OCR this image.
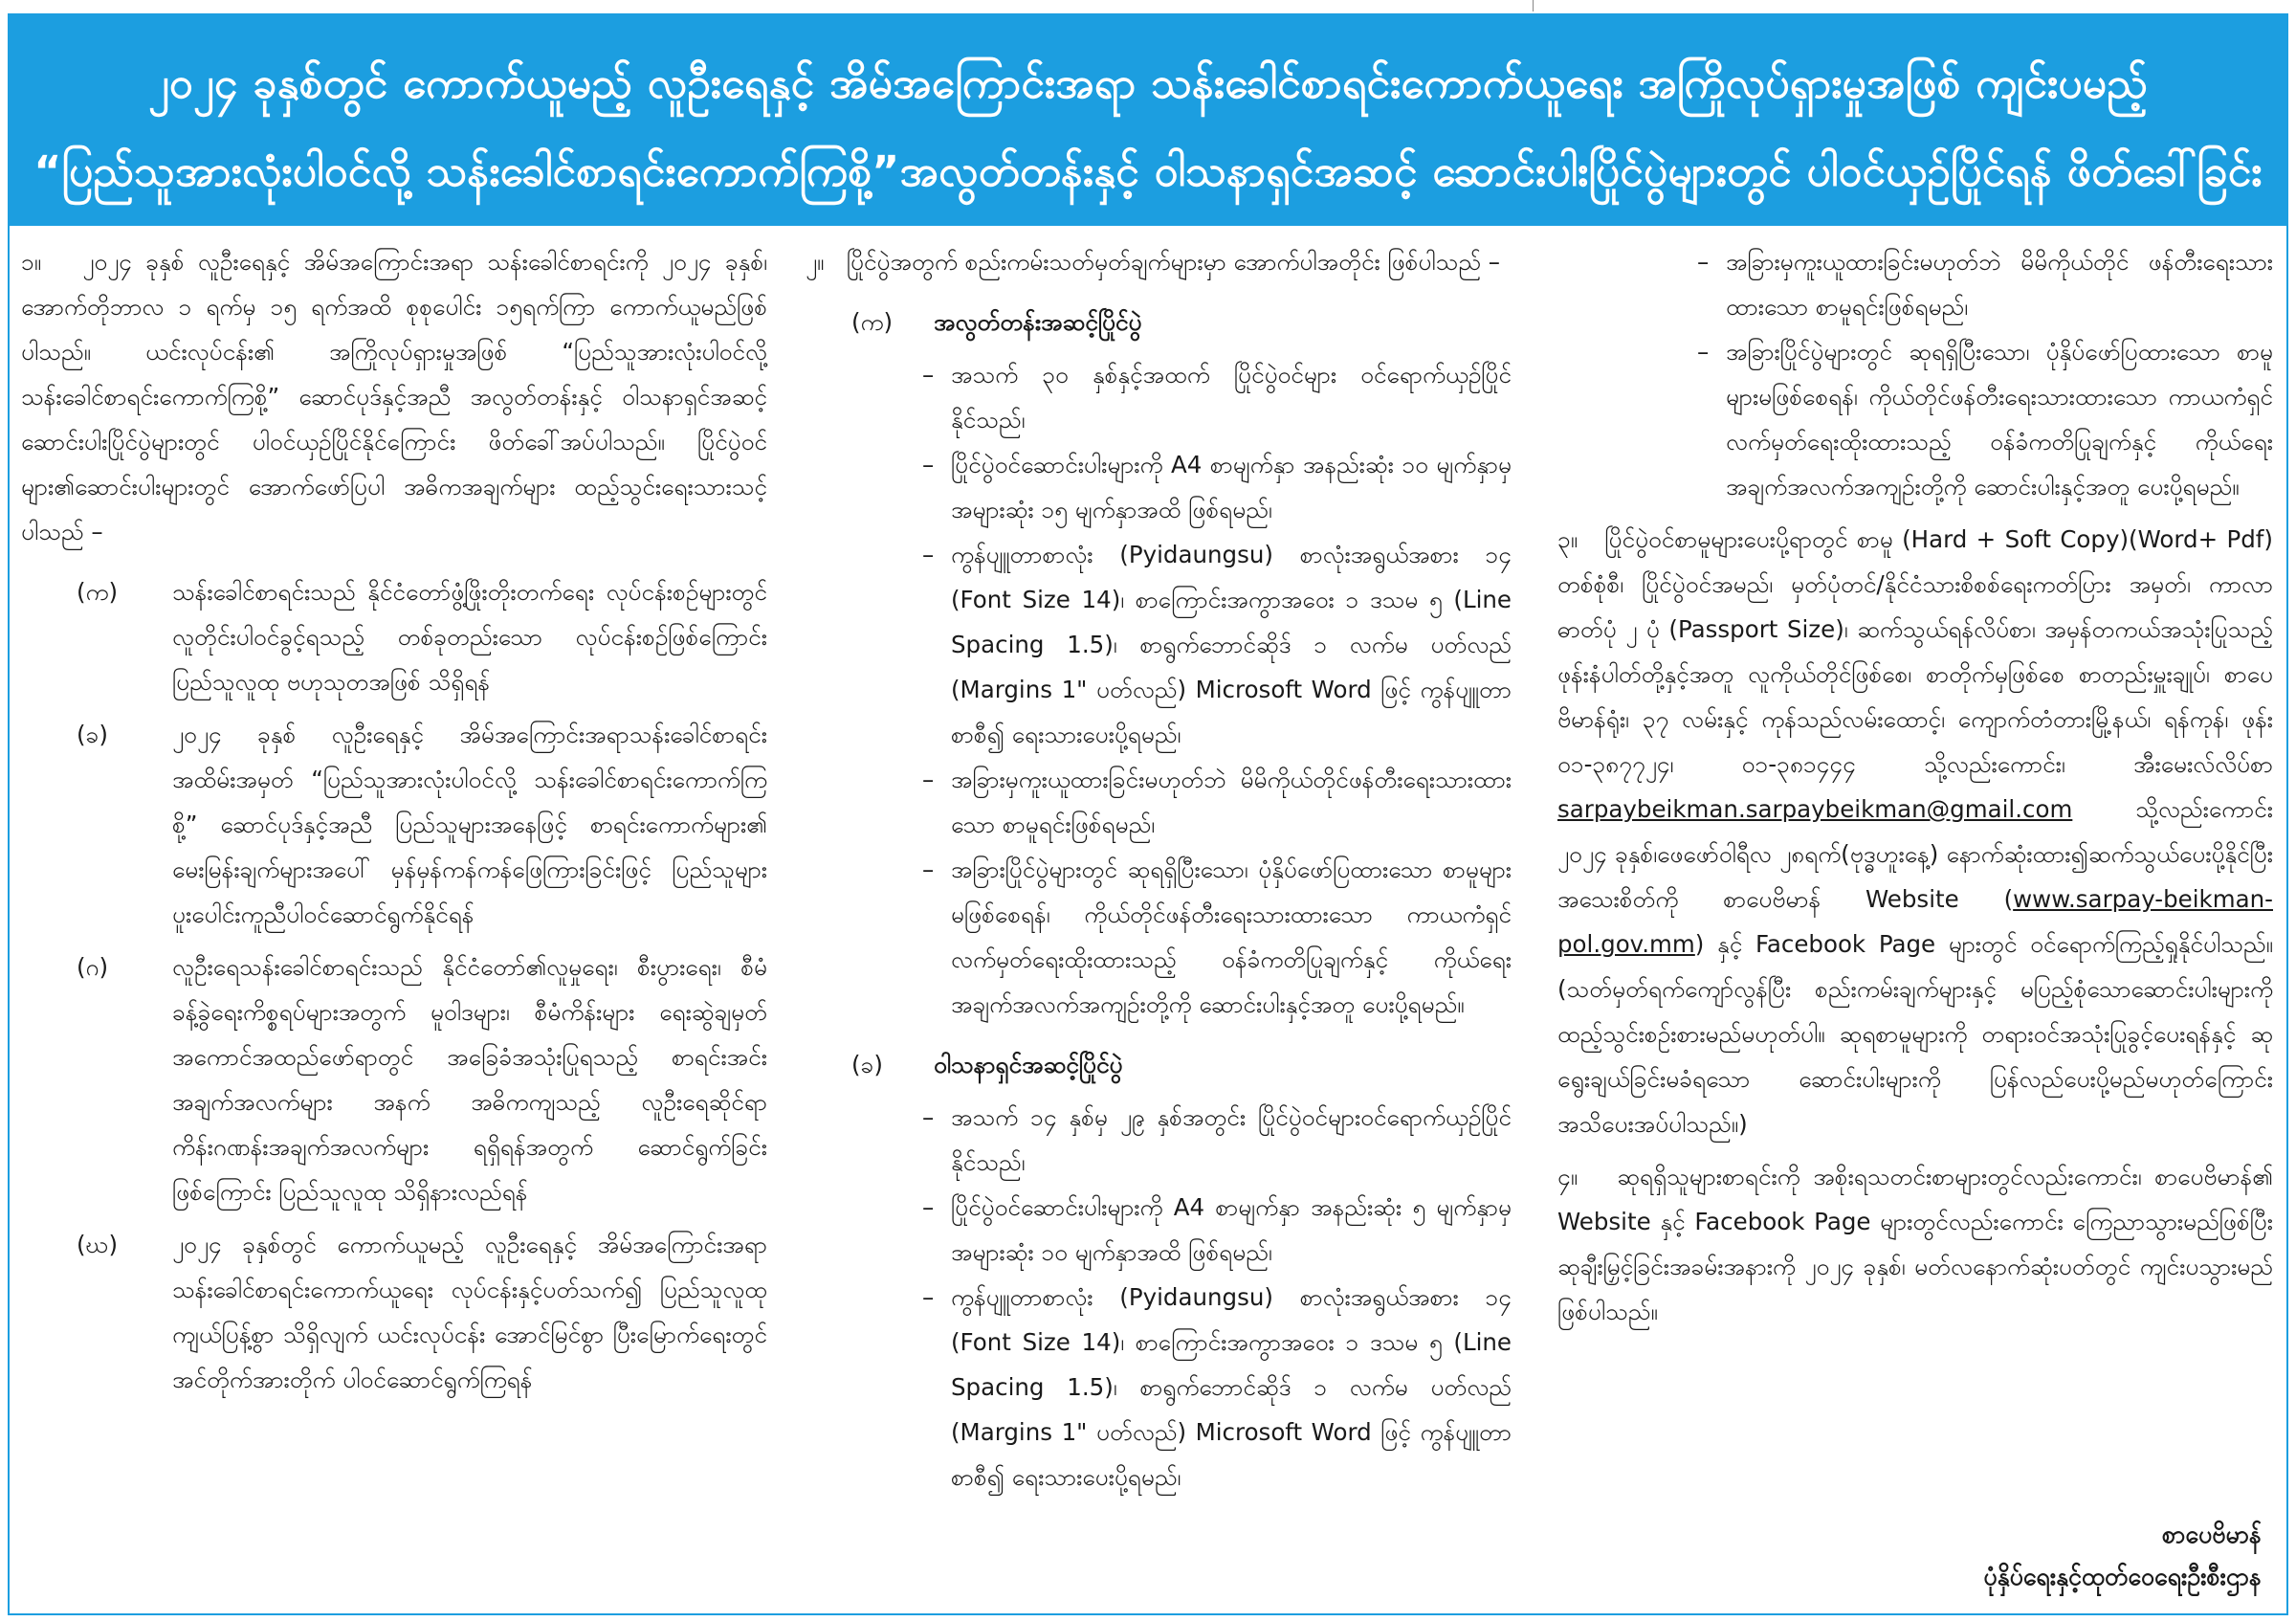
၂၀၂၄ ခုနှစ်တွင် ကောက်ယူမည့် လူဦးရေနှင့် အိမ်အကြောင်းအရာ သန်းခေါင်စာရင်းကောက်ယူရေး အကြိုလုပ်ရှားမှုအဖြစ် ကျင်းပမည့်
“ပြည်သူအားလုံးပါဝင်လို့ သန်းခေါင်စာရင်းကောက်ကြစို့”အလွတ်တန်းနှင့် ဝါသနာရှင်အဆင့် ဆောင်းပါးပြိုင်ပွဲများတွင် ပါဝင်ယှဉ်ပြိုင်ရန် ဖိတ်ခေါ်ခြင်း

၁။ ၂၀၂၄ ခုနှစ် လူဦးရေနှင့် အိမ်အကြောင်းအရာ သန်းခေါင်စာရင်းကို ၂၀၂၄ ခုနှစ်၊ အောက်တိုဘာလ ၁ ရက်မှ ၁၅ ရက်အထိ စုစုပေါင်း ၁၅ရက်ကြာ ကောက်ယူမည်ဖြစ်ပါသည်။ ယင်းလုပ်ငန်း၏ အကြိုလုပ်ရှားမှုအဖြစ် “ပြည်သူအားလုံးပါဝင်လို့ သန်းခေါင်စာရင်းကောက်ကြစို့” ဆောင်ပုဒ်နှင့်အညီ အလွတ်တန်းနှင့် ဝါသနာရှင်အဆင့် ဆောင်းပါးပြိုင်ပွဲများတွင် ပါဝင်ယှဉ်ပြိုင်နိုင်ကြောင်း ဖိတ်ခေါ်အပ်ပါသည်။ ပြိုင်ပွဲဝင်များ၏ဆောင်းပါးများတွင် အောက်ဖော်ပြပါ အဓိကအချက်များ ထည့်သွင်းရေးသားသင့်ပါသည် –

(က)	သန်းခေါင်စာရင်းသည် နိုင်ငံတော်ဖွံ့ဖြိုးတိုးတက်ရေး လုပ်ငန်းစဉ်များတွင် လူတိုင်းပါဝင်ခွင့်ရသည့် တစ်ခုတည်းသော လုပ်ငန်းစဉ်ဖြစ်ကြောင်း ပြည်သူလူထု ဗဟုသုတအဖြစ် သိရှိရန်
(ခ)	၂၀၂၄ ခုနှစ် လူဦးရေနှင့် အိမ်အကြောင်းအရာသန်းခေါင်စာရင်းအထိမ်းအမှတ် “ပြည်သူအားလုံးပါဝင်လို့ သန်းခေါင်စာရင်းကောက်ကြစို့” ဆောင်ပုဒ်နှင့်အညီ ပြည်သူများအနေဖြင့် စာရင်းကောက်များ၏ မေးမြန်းချက်များအပေါ် မှန်မှန်ကန်ကန်ဖြေကြားခြင်းဖြင့် ပြည်သူများ ပူးပေါင်းကူညီပါဝင်ဆောင်ရွက်နိုင်ရန်
(ဂ)	လူဦးရေသန်းခေါင်စာရင်းသည် နိုင်ငံတော်၏လူမှုရေး၊ စီးပွားရေး၊ စီမံခန့်ခွဲရေးကိစ္စရပ်များအတွက် မူဝါဒများ၊ စီမံကိန်းများ ရေးဆွဲချမှတ်အကောင်အထည်ဖော်ရာတွင် အခြေခံအသုံးပြုရသည့် စာရင်းအင်းအချက်အလက်များ အနက် အဓိကကျသည့် လူဦးရေဆိုင်ရာ ကိန်းဂဏန်းအချက်အလက်များ ရရှိရန်အတွက် ဆောင်ရွက်ခြင်းဖြစ်ကြောင်း ပြည်သူလူထု သိရှိနားလည်ရန်
(ဃ)	၂၀၂၄ ခုနှစ်တွင် ကောက်ယူမည့် လူဦးရေနှင့် အိမ်အကြောင်းအရာ သန်းခေါင်စာရင်းကောက်ယူရေး လုပ်ငန်းနှင့်ပတ်သက်၍ ပြည်သူလူထု ကျယ်ပြန့်စွာ သိရှိလျက် ယင်းလုပ်ငန်း အောင်မြင်စွာ ပြီးမြောက်ရေးတွင် အင်တိုက်အားတိုက် ပါဝင်ဆောင်ရွက်ကြရန်

၂။ ပြိုင်ပွဲအတွက် စည်းကမ်းသတ်မှတ်ချက်များမှာ အောက်ပါအတိုင်း ဖြစ်ပါသည် –

(က)	အလွတ်တန်းအဆင့်ပြိုင်ပွဲ
– အသက် ၃၀ နှစ်နှင့်အထက် ပြိုင်ပွဲဝင်များ ဝင်ရောက်ယှဉ်ပြိုင်နိုင်သည်၊
– ပြိုင်ပွဲဝင်ဆောင်းပါးများကို A4 စာမျက်နှာ အနည်းဆုံး ၁၀ မျက်နှာမှ အများဆုံး ၁၅ မျက်နှာအထိ ဖြစ်ရမည်၊
– ကွန်ပျူတာစာလုံး (Pyidaungsu) စာလုံးအရွယ်အစား ၁၄ (Font Size 14)၊ စာကြောင်းအကွာအဝေး ၁ ဒသမ ၅ (Line Spacing 1.5)၊ စာရွက်ဘောင်ဆိုဒ် ၁ လက်မ ပတ်လည် (Margins 1" ပတ်လည်) Microsoft Word ဖြင့် ကွန်ပျူတာစာစီ၍ ရေးသားပေးပို့ရမည်၊
– အခြားမှကူးယူထားခြင်းမဟုတ်ဘဲ မိမိကိုယ်တိုင်ဖန်တီးရေးသားထားသော စာမူရင်းဖြစ်ရမည်၊
– အခြားပြိုင်ပွဲများတွင် ဆုရရှိပြီးသော၊ ပုံနှိပ်ဖော်ပြထားသော စာမူများမဖြစ်စေရန်၊ ကိုယ်တိုင်ဖန်တီးရေးသားထားသော ကာယကံရှင်လက်မှတ်ရေးထိုးထားသည့် ဝန်ခံကတိပြုချက်နှင့် ကိုယ်ရေးအချက်အလက်အကျဉ်းတို့ကို ဆောင်းပါးနှင့်အတူ ပေးပို့ရမည်။
(ခ)	ဝါသနာရှင်အဆင့်ပြိုင်ပွဲ
– အသက် ၁၄ နှစ်မှ ၂၉ နှစ်အတွင်း ပြိုင်ပွဲဝင်များဝင်ရောက်ယှဉ်ပြိုင်နိုင်သည်၊
– ပြိုင်ပွဲဝင်ဆောင်းပါးများကို A4 စာမျက်နှာ အနည်းဆုံး ၅ မျက်နှာမှ အများဆုံး ၁၀ မျက်နှာအထိ ဖြစ်ရမည်၊
– ကွန်ပျူတာစာလုံး (Pyidaungsu) စာလုံးအရွယ်အစား ၁၄ (Font Size 14)၊ စာကြောင်းအကွာအဝေး ၁ ဒသမ ၅ (Line Spacing 1.5)၊ စာရွက်ဘောင်ဆိုဒ် ၁ လက်မ ပတ်လည် (Margins 1" ပတ်လည်) Microsoft Word ဖြင့် ကွန်ပျူတာစာစီ၍ ရေးသားပေးပို့ရမည်၊
– အခြားမှကူးယူထားခြင်းမဟုတ်ဘဲ မိမိကိုယ်တိုင် ဖန်တီးရေးသားထားသော စာမူရင်းဖြစ်ရမည်၊
– အခြားပြိုင်ပွဲများတွင် ဆုရရှိပြီးသော၊ ပုံနှိပ်ဖော်ပြထားသော စာမူများမဖြစ်စေရန်၊ ကိုယ်တိုင်ဖန်တီးရေးသားထားသော ကာယကံရှင် လက်မှတ်ရေးထိုးထားသည့် ဝန်ခံကတိပြုချက်နှင့် ကိုယ်ရေးအချက်အလက်အကျဉ်းတို့ကို ဆောင်းပါးနှင့်အတူ ပေးပို့ရမည်။

၃။ ပြိုင်ပွဲဝင်စာမူများပေးပို့ရာတွင် စာမူ (Hard + Soft Copy)(Word+ Pdf) တစ်စုံစီ၊ ပြိုင်ပွဲဝင်အမည်၊ မှတ်ပုံတင်/နိုင်ငံသားစိစစ်ရေးကတ်ပြား အမှတ်၊ ကာလာဓာတ်ပုံ ၂ ပုံ (Passport Size)၊ ဆက်သွယ်ရန်လိပ်စာ၊ အမှန်တကယ်အသုံးပြုသည့် ဖုန်းနံပါတ်တို့နှင့်အတူ လူကိုယ်တိုင်ဖြစ်စေ၊ စာတိုက်မှဖြစ်စေ စာတည်းမှူးချုပ်၊ စာပေဗိမာန်ရုံး၊ ၃၇ လမ်းနှင့် ကုန်သည်လမ်းထောင့်၊ ကျောက်တံတားမြို့နယ်၊ ရန်ကုန်၊ ဖုန်း ၀၁-၃၈၇၇၂၄၊ ၀၁-၃၈၁၄၄၄ သို့လည်းကောင်း၊ အီးမေးလ်လိပ်စာ sarpaybeikman.sarpaybeikman@gmail.com သို့လည်းကောင်း ၂၀၂၄ ခုနှစ်၊ဖေဖော်ဝါရီလ ၂၈ရက်(ဗုဒ္ဓဟူးနေ့) နောက်ဆုံးထား၍ဆက်သွယ်ပေးပို့နိုင်ပြီး အသေးစိတ်ကို စာပေဗိမာန် Website (www.sarpay-beikman-pol.gov.mm) နှင့် Facebook Page များတွင် ဝင်ရောက်ကြည့်ရှုနိုင်ပါသည်။ (သတ်မှတ်ရက်ကျော်လွန်ပြီး စည်းကမ်းချက်များနှင့် မပြည့်စုံသောဆောင်းပါးများကို ထည့်သွင်းစဉ်းစားမည်မဟုတ်ပါ။ ဆုရစာမူများကို တရားဝင်အသုံးပြုခွင့်ပေးရန်နှင့် ဆုရွေးချယ်ခြင်းမခံရသော ဆောင်းပါးများကို ပြန်လည်ပေးပို့မည်မဟုတ်ကြောင်း အသိပေးအပ်ပါသည်။)

၄။ ဆုရရှိသူများစာရင်းကို အစိုးရသတင်းစာများတွင်လည်းကောင်း၊ စာပေဗိမာန်၏ Website နှင့် Facebook Page များတွင်လည်းကောင်း ကြေညာသွားမည်ဖြစ်ပြီး ဆုချီးမြှင့်ခြင်းအခမ်းအနားကို ၂၀၂၄ ခုနှစ်၊ မတ်လနောက်ဆုံးပတ်တွင် ကျင်းပသွားမည်ဖြစ်ပါသည်။

စာပေဗိမာန်
ပုံနှိပ်ရေးနှင့်ထုတ်ဝေရေးဦးစီးဌာန
